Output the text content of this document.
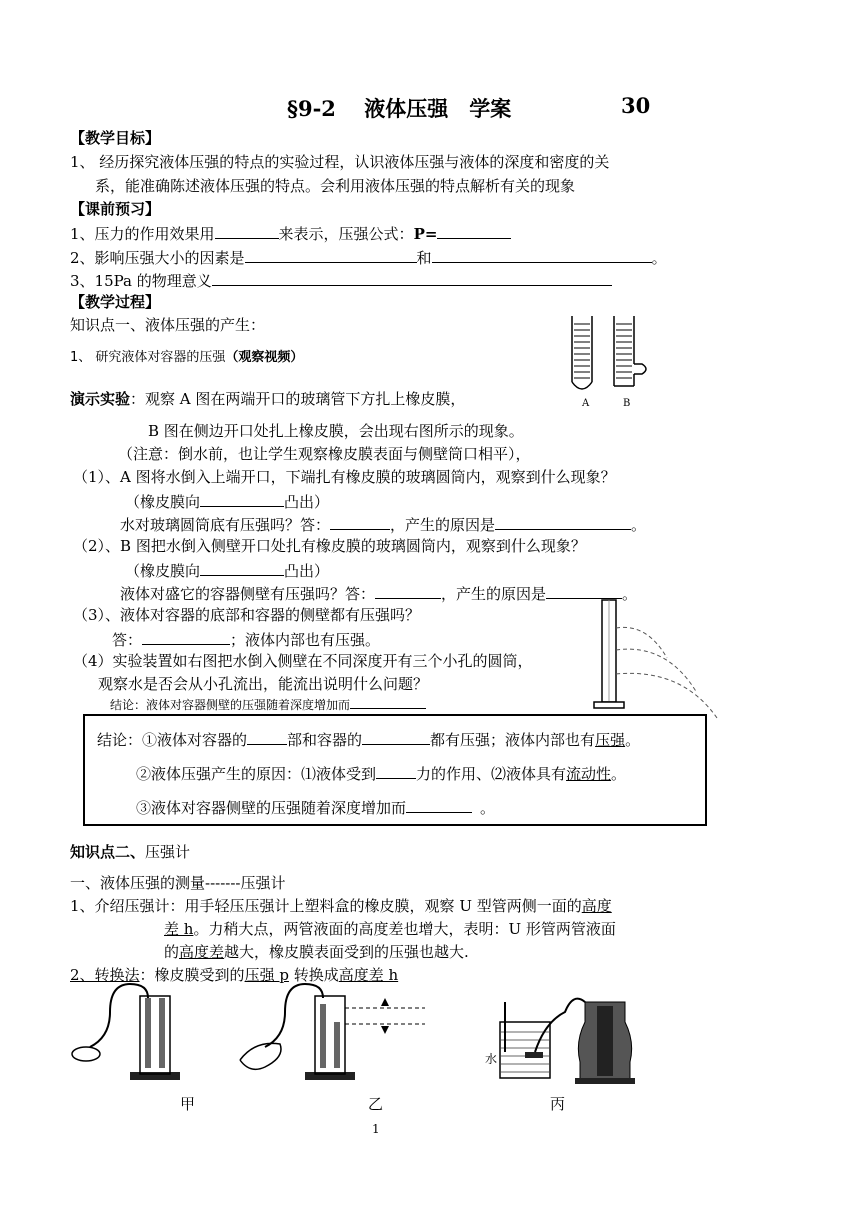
§9-2　 液体压强　学案	30
【教学目标】
1、 经历探究液体压强的特点的实验过程，认识液体压强与液体的深度和密度的关
系，能准确陈述液体压强的特点。会利用液体压强的特点解析有关的现象
【课前预习】
1、压力的作用效果用	来表示，压强公式：P=
2、影响压强大小的因素是	和	。
3、15Pa 的物理意义
【教学过程】
知识点一、液体压强的产生：
1、 研究液体对容器的压强（观察视频）
演示实验：观察 A 图在两端开口的玻璃管下方扎上橡皮膜，
B 图在侧边开口处扎上橡皮膜，会出现右图所示的现象。
（注意：倒水前，也让学生观察橡皮膜表面与侧壁筒口相平），
（1）、A 图将水倒入上端开口，下端扎有橡皮膜的玻璃圆筒内，观察到什么现象？
（橡皮膜向	凸出）
水对玻璃圆筒底有压强吗？答：	，产生的原因是	。
（2）、B 图把水倒入侧壁开口处扎有橡皮膜的玻璃圆筒内，观察到什么现象？
（橡皮膜向	凸出）
液体对盛它的容器侧壁有压强吗？答：	，产生的原因是	。
（3）、液体对容器的底部和容器的侧壁都有压强吗？
答：	；液体内部也有压强。
（4）实验装置如右图把水倒入侧壁在不同深度开有三个小孔的圆筒，
观察水是否会从小孔流出，能流出说明什么问题？
结论：液体对容器侧壁的压强随着深度增加而
A	B
结论：①液体对容器的	部和容器的	都有压强；液体内部也有压强。
②液体压强产生的原因：⑴液体受到	力的作用、⑵液体具有流动性。
③液体对容器侧壁的压强随着深度增加而	。
知识点二、压强计
一、液体压强的测量-------压强计
1、介绍压强计：用手轻压压强计上塑料盒的橡皮膜，观察 U 型管两侧一面的高度
差 h。力稍大点，两管液面的高度差也增大，表明：U 形管两管液面
的高度差越大，橡皮膜表面受到的压强也越大.
2、转换法：橡皮膜受到的压强 p 转换成高度差 h
水
甲	乙	丙
1
